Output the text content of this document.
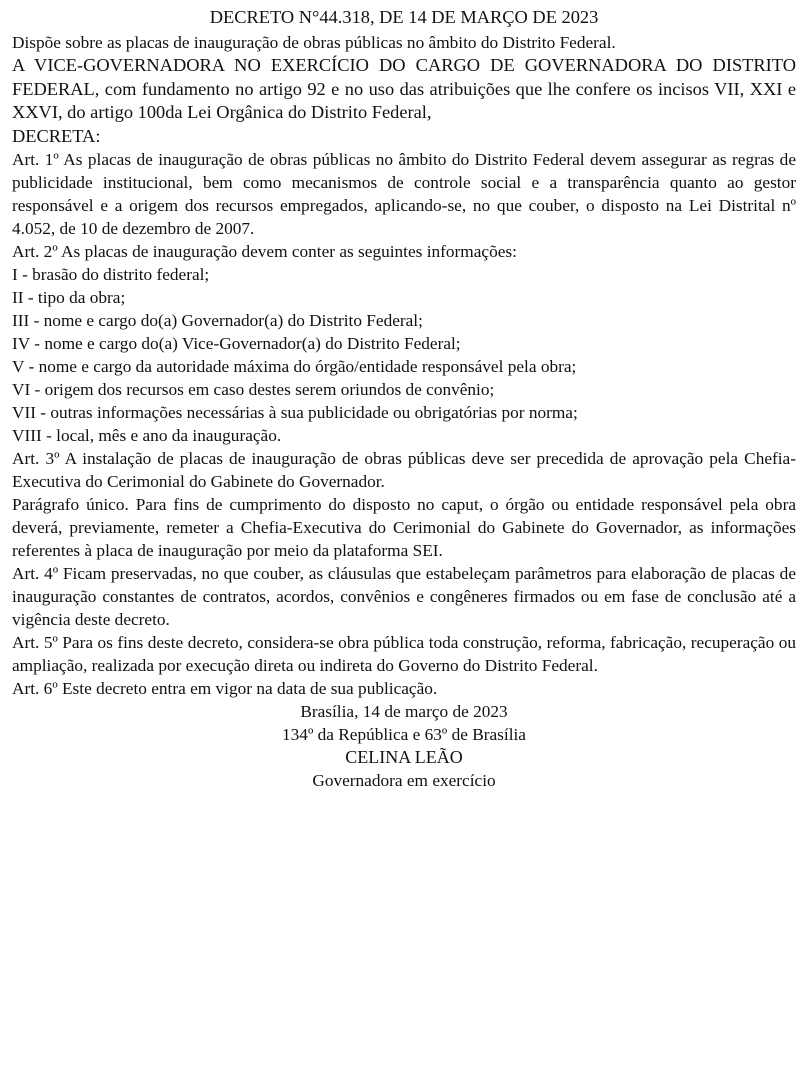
DECRETO N°44.318, DE 14 DE MARÇO DE 2023

Dispõe sobre as placas de inauguração de obras públicas no âmbito do Distrito Federal.

A VICE-GOVERNADORA NO EXERCÍCIO DO CARGO DE GOVERNADORA DO DISTRITO FEDERAL, com fundamento no artigo 92 e no uso das atribuições que lhe confere os incisos VII, XXI e XXVI, do artigo 100da Lei Orgânica do Distrito Federal,

DECRETA:

Art. 1º As placas de inauguração de obras públicas no âmbito do Distrito Federal devem assegurar as regras de publicidade institucional, bem como mecanismos de controle social e a transparência quanto ao gestor responsável e a origem dos recursos empregados, aplicando-se, no que couber, o disposto na Lei Distrital nº 4.052, de 10 de dezembro de 2007.

Art. 2º As placas de inauguração devem conter as seguintes informações:

I - brasão do distrito federal;

II - tipo da obra;

III - nome e cargo do(a) Governador(a) do Distrito Federal;

IV - nome e cargo do(a) Vice-Governador(a) do Distrito Federal;

V - nome e cargo da autoridade máxima do órgão/entidade responsável pela obra;

VI - origem dos recursos em caso destes serem oriundos de convênio;

VII - outras informações necessárias à sua publicidade ou obrigatórias por norma;

VIII - local, mês e ano da inauguração.

Art. 3º A instalação de placas de inauguração de obras públicas deve ser precedida de aprovação pela Chefia-Executiva do Cerimonial do Gabinete do Governador.

Parágrafo único. Para fins de cumprimento do disposto no caput, o órgão ou entidade responsável pela obra deverá, previamente, remeter a Chefia-Executiva do Cerimonial do Gabinete do Governador, as informações referentes à placa de inauguração por meio da plataforma SEI.

Art. 4º Ficam preservadas, no que couber, as cláusulas que estabeleçam parâmetros para elaboração de placas de inauguração constantes de contratos, acordos, convênios e congêneres firmados ou em fase de conclusão até a vigência deste decreto.

Art. 5º Para os fins deste decreto, considera-se obra pública toda construção, reforma, fabricação, recuperação ou ampliação, realizada por execução direta ou indireta do Governo do Distrito Federal.

Art. 6º Este decreto entra em vigor na data de sua publicação.

Brasília, 14 de março de 2023

134º da República e 63º de Brasília

CELINA LEÃO

Governadora em exercício
